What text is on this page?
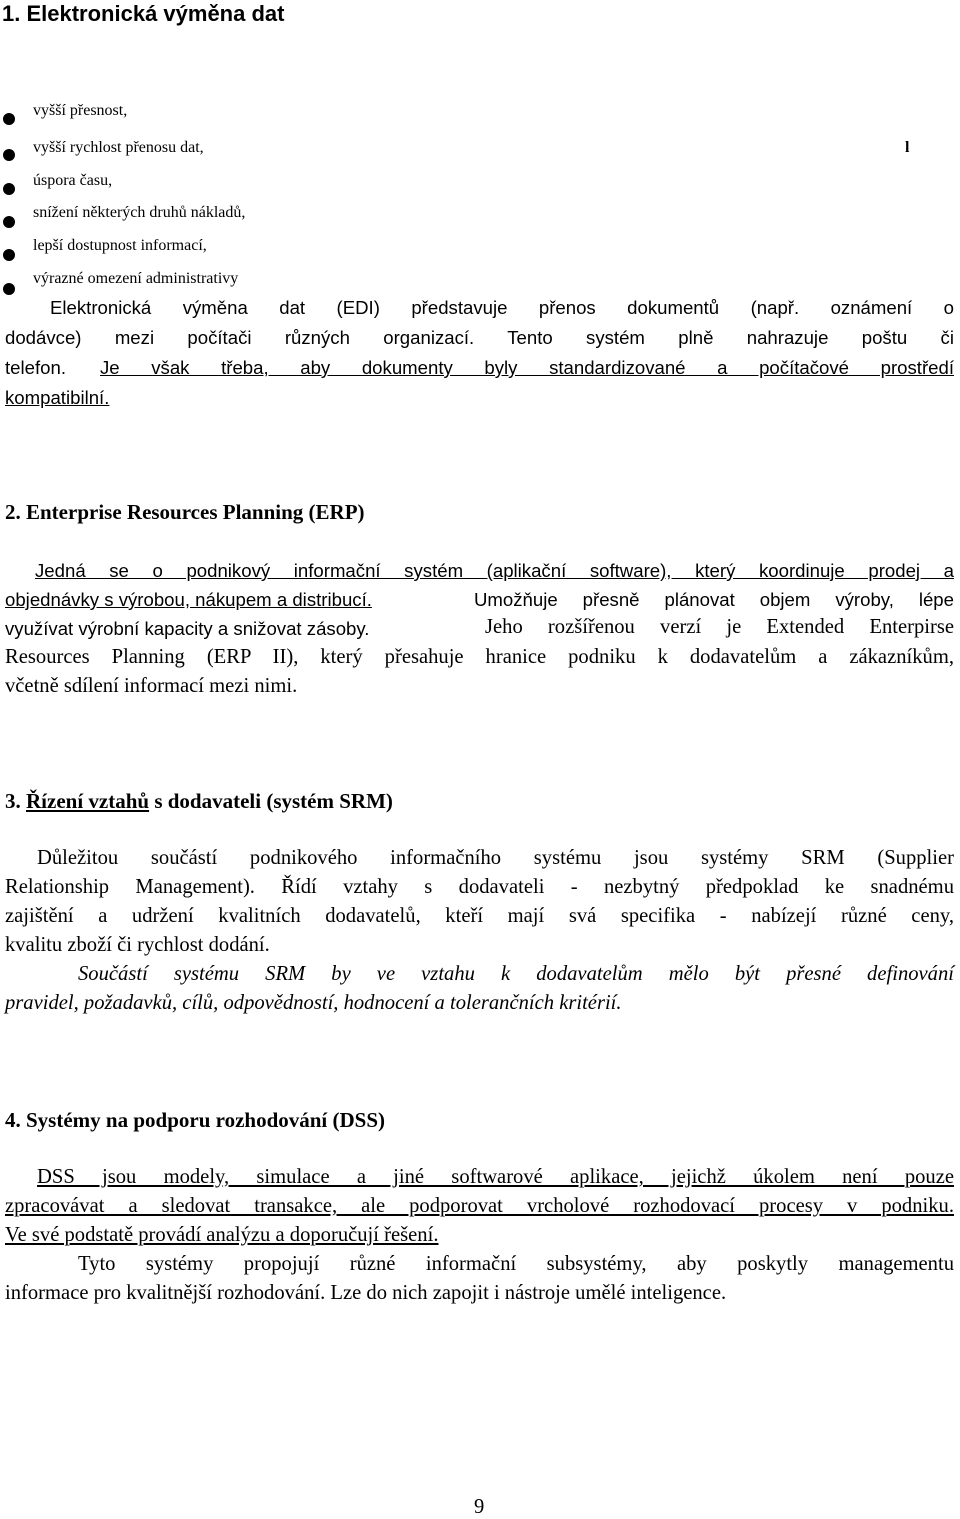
1. Elektronická výměna dat
vyšší přesnost,
vyšší rychlost přenosu dat,
úspora času,
snížení některých druhů nákladů,
lepší dostupnost informací,
výrazné omezení administrativy
l
Elektronická výměna dat (EDI) představuje přenos dokumentů (např. oznámení o
dodávce) mezi počítači různých organizací. Tento systém plně nahrazuje poštu či
telefon. Je však třeba, aby dokumenty byly standardizované a počítačové prostředí
kompatibilní.
2. Enterprise Resources Planning (ERP)
Jedná se o podnikový informační systém (aplikační software), který koordinuje prodej a
objednávky s výrobou, nákupem a distribucí.	Umožňuje přesně plánovat objem výroby, lépe
využívat výrobní kapacity a snižovat zásoby.	Jeho rozšířenou verzí je Extended Enterpirse
Resources Planning (ERP II), který přesahuje hranice podniku k dodavatelům a zákazníkům,
včetně sdílení informací mezi nimi.
3. Řízení vztahů s dodavateli (systém SRM)
Důležitou součástí podnikového informačního systému jsou systémy SRM (Supplier
Relationship Management). Řídí vztahy s dodavateli - nezbytný předpoklad ke snadnému
zajištění a udržení kvalitních dodavatelů, kteří mají svá specifika - nabízejí různé ceny,
kvalitu zboží či rychlost dodání.
Součástí systému SRM by ve vztahu k dodavatelům mělo být přesné definování
pravidel, požadavků, cílů, odpovědností, hodnocení a tolerančních kritérií.
4. Systémy na podporu rozhodování (DSS)
DSS jsou modely, simulace a jiné softwarové aplikace, jejichž úkolem není pouze
zpracovávat a sledovat transakce, ale podporovat vrcholové rozhodovací procesy v podniku.
Ve své podstatě provádí analýzu a doporučují řešení.
Tyto systémy propojují různé informační subsystémy, aby poskytly managementu
informace pro kvalitnější rozhodování. Lze do nich zapojit i nástroje umělé inteligence.
9
